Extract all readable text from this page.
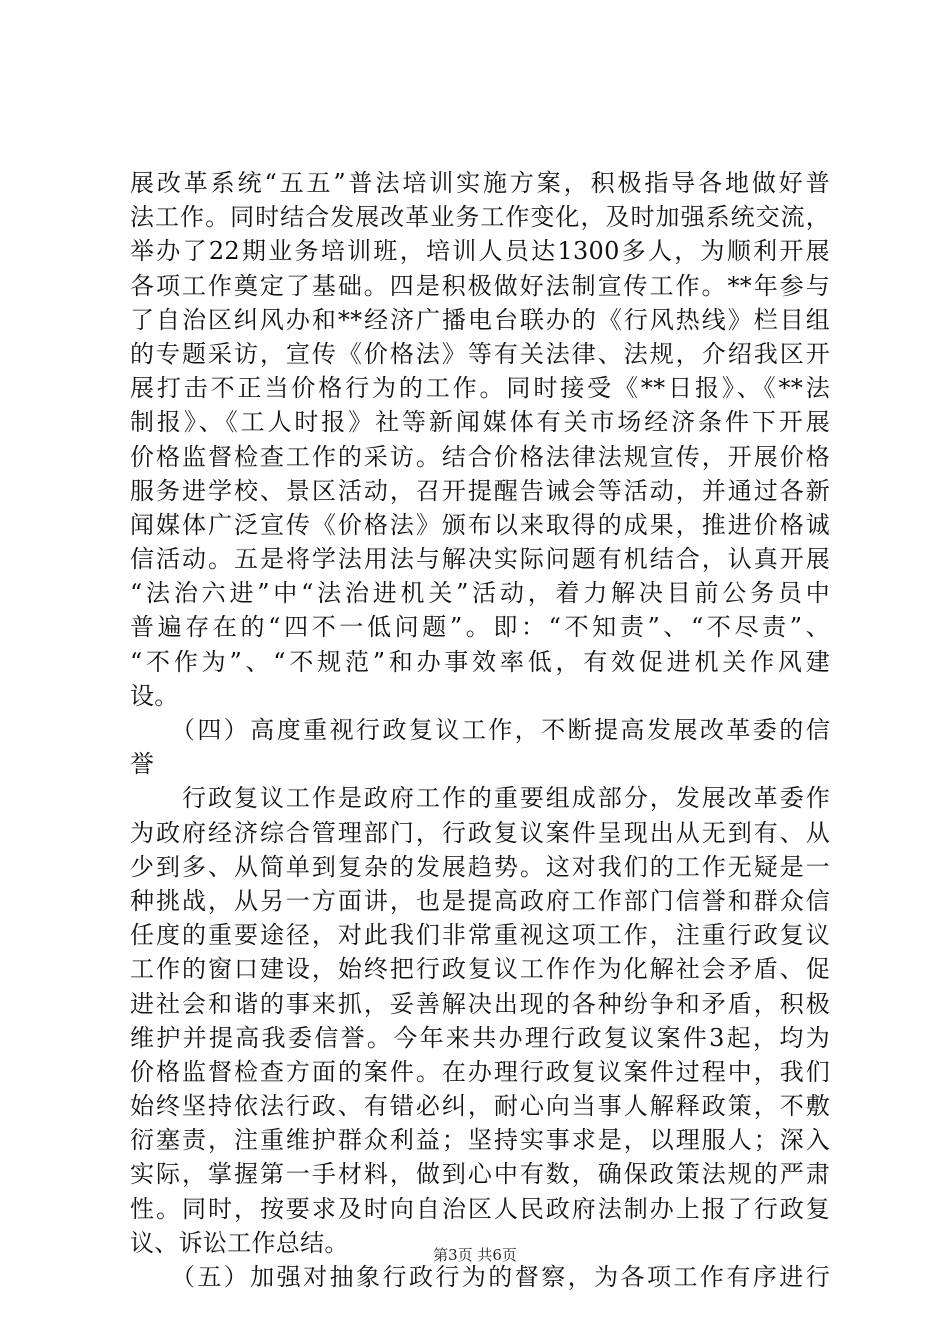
展改革系统“五五”普法培训实施方案，积极指导各地做好普
法工作。同时结合发展改革业务工作变化，及时加强系统交流，
举办了22期业务培训班，培训人员达1300多人，为顺利开展
各项工作奠定了基础。四是积极做好法制宣传工作。**年参与
了自治区纠风办和**经济广播电台联办的《行风热线》栏目组
的专题采访，宣传《价格法》等有关法律、法规，介绍我区开
展打击不正当价格行为的工作。同时接受《**日报》、《**法
制报》、《工人时报》社等新闻媒体有关市场经济条件下开展
价格监督检查工作的采访。结合价格法律法规宣传，开展价格
服务进学校、景区活动，召开提醒告诫会等活动，并通过各新
闻媒体广泛宣传《价格法》颁布以来取得的成果，推进价格诚
信活动。五是将学法用法与解决实际问题有机结合，认真开展
“法治六进”中“法治进机关”活动，着力解决目前公务员中
普遍存在的“四不一低问题”。即：“不知责”、“不尽责”、
“不作为”、“不规范”和办事效率低，有效促进机关作风建
设。
　　（四）高度重视行政复议工作，不断提高发展改革委的信
誉
　　行政复议工作是政府工作的重要组成部分，发展改革委作
为政府经济综合管理部门，行政复议案件呈现出从无到有、从
少到多、从简单到复杂的发展趋势。这对我们的工作无疑是一
种挑战，从另一方面讲，也是提高政府工作部门信誉和群众信
任度的重要途径，对此我们非常重视这项工作，注重行政复议
工作的窗口建设，始终把行政复议工作作为化解社会矛盾、促
进社会和谐的事来抓，妥善解决出现的各种纷争和矛盾，积极
维护并提高我委信誉。今年来共办理行政复议案件3起，均为
价格监督检查方面的案件。在办理行政复议案件过程中，我们
始终坚持依法行政、有错必纠，耐心向当事人解释政策，不敷
衍塞责，注重维护群众利益；坚持实事求是，以理服人；深入
实际，掌握第一手材料，做到心中有数，确保政策法规的严肃
性。同时，按要求及时向自治区人民政府法制办上报了行政复
议、诉讼工作总结。
　　（五）加强对抽象行政行为的督察，为各项工作有序进行
第3页 共6页
